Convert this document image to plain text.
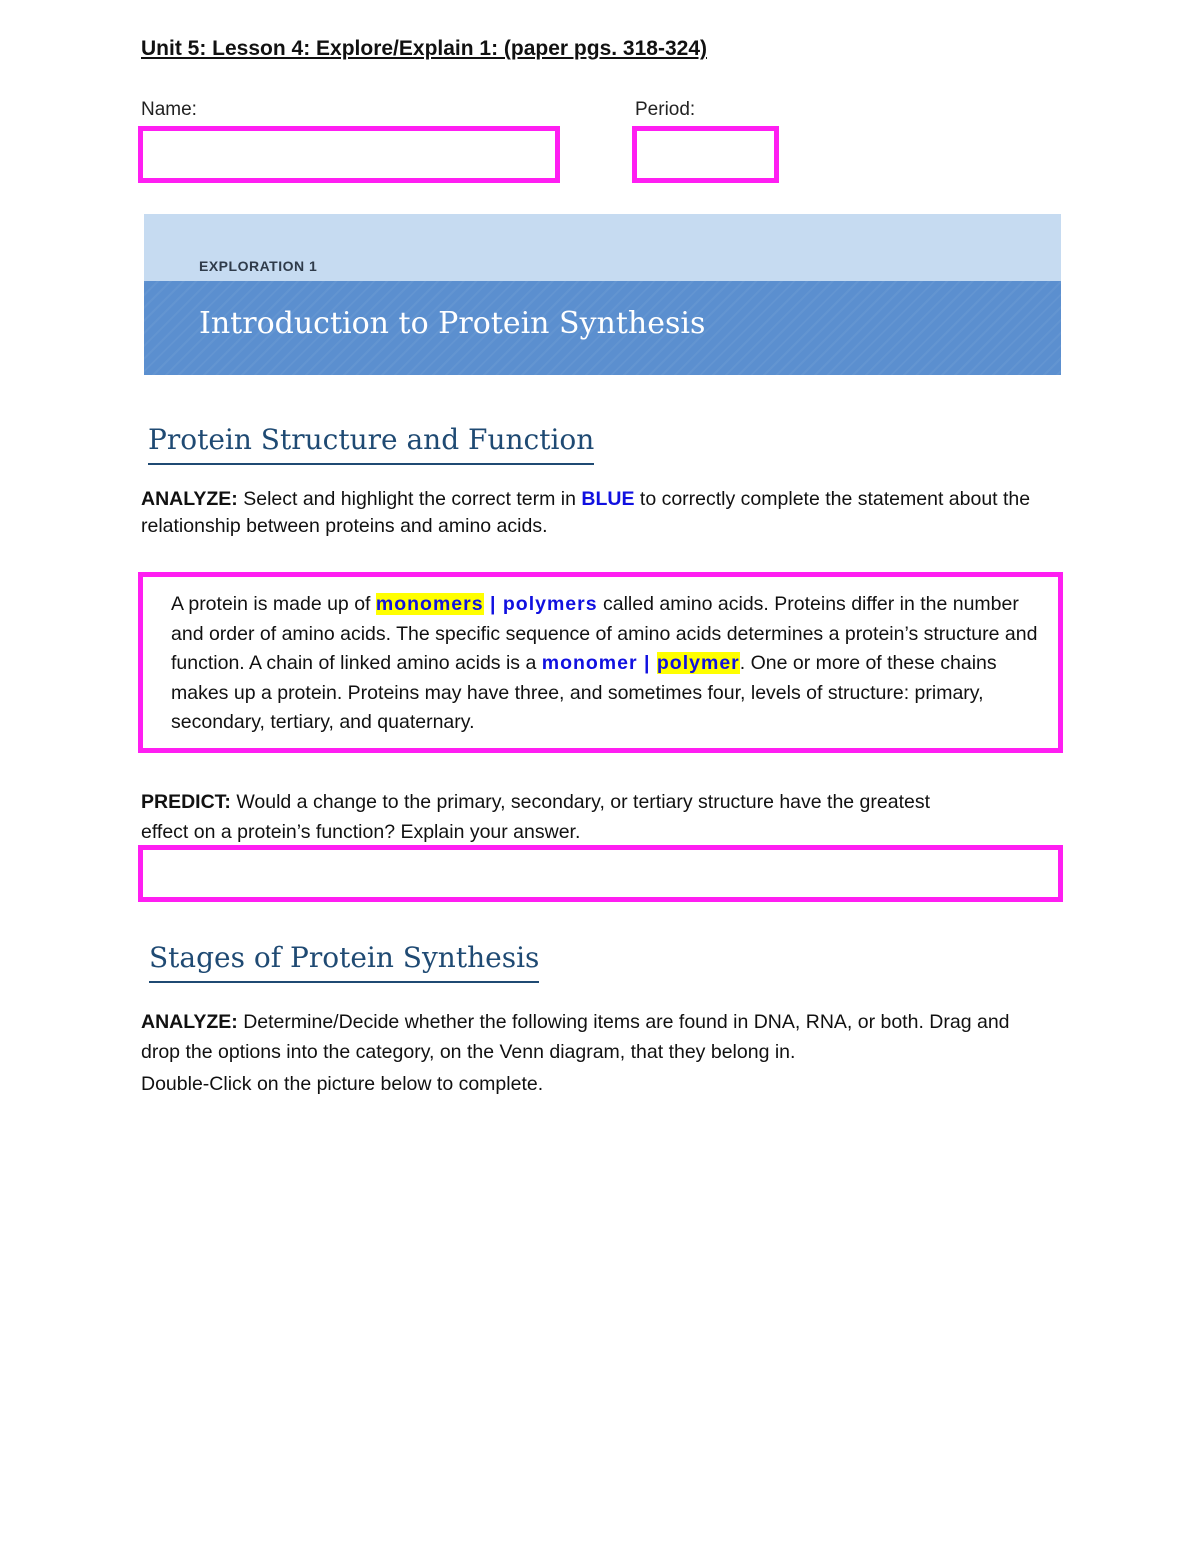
Unit 5: Lesson 4: Explore/Explain 1: (paper pgs. 318-324)
Name:	Period:
EXPLORATION 1
Introduction to Protein Synthesis
Protein Structure and Function
ANALYZE: Select and highlight the correct term in BLUE to correctly complete the statement about the relationship between proteins and amino acids.
A protein is made up of monomers | polymers called amino acids. Proteins differ in the number and order of amino acids. The specific sequence of amino acids determines a protein’s structure and function. A chain of linked amino acids is a monomer | polymer. One or more of these chains makes up a protein. Proteins may have three, and sometimes four, levels of structure: primary, secondary, tertiary, and quaternary.
PREDICT: Would a change to the primary, secondary, or tertiary structure have the greatest effect on a protein’s function? Explain your answer.
Stages of Protein Synthesis
ANALYZE: Determine/Decide whether the following items are found in DNA, RNA, or both. Drag and drop the options into the category, on the Venn diagram, that they belong in.
Double-Click on the picture below to complete.
